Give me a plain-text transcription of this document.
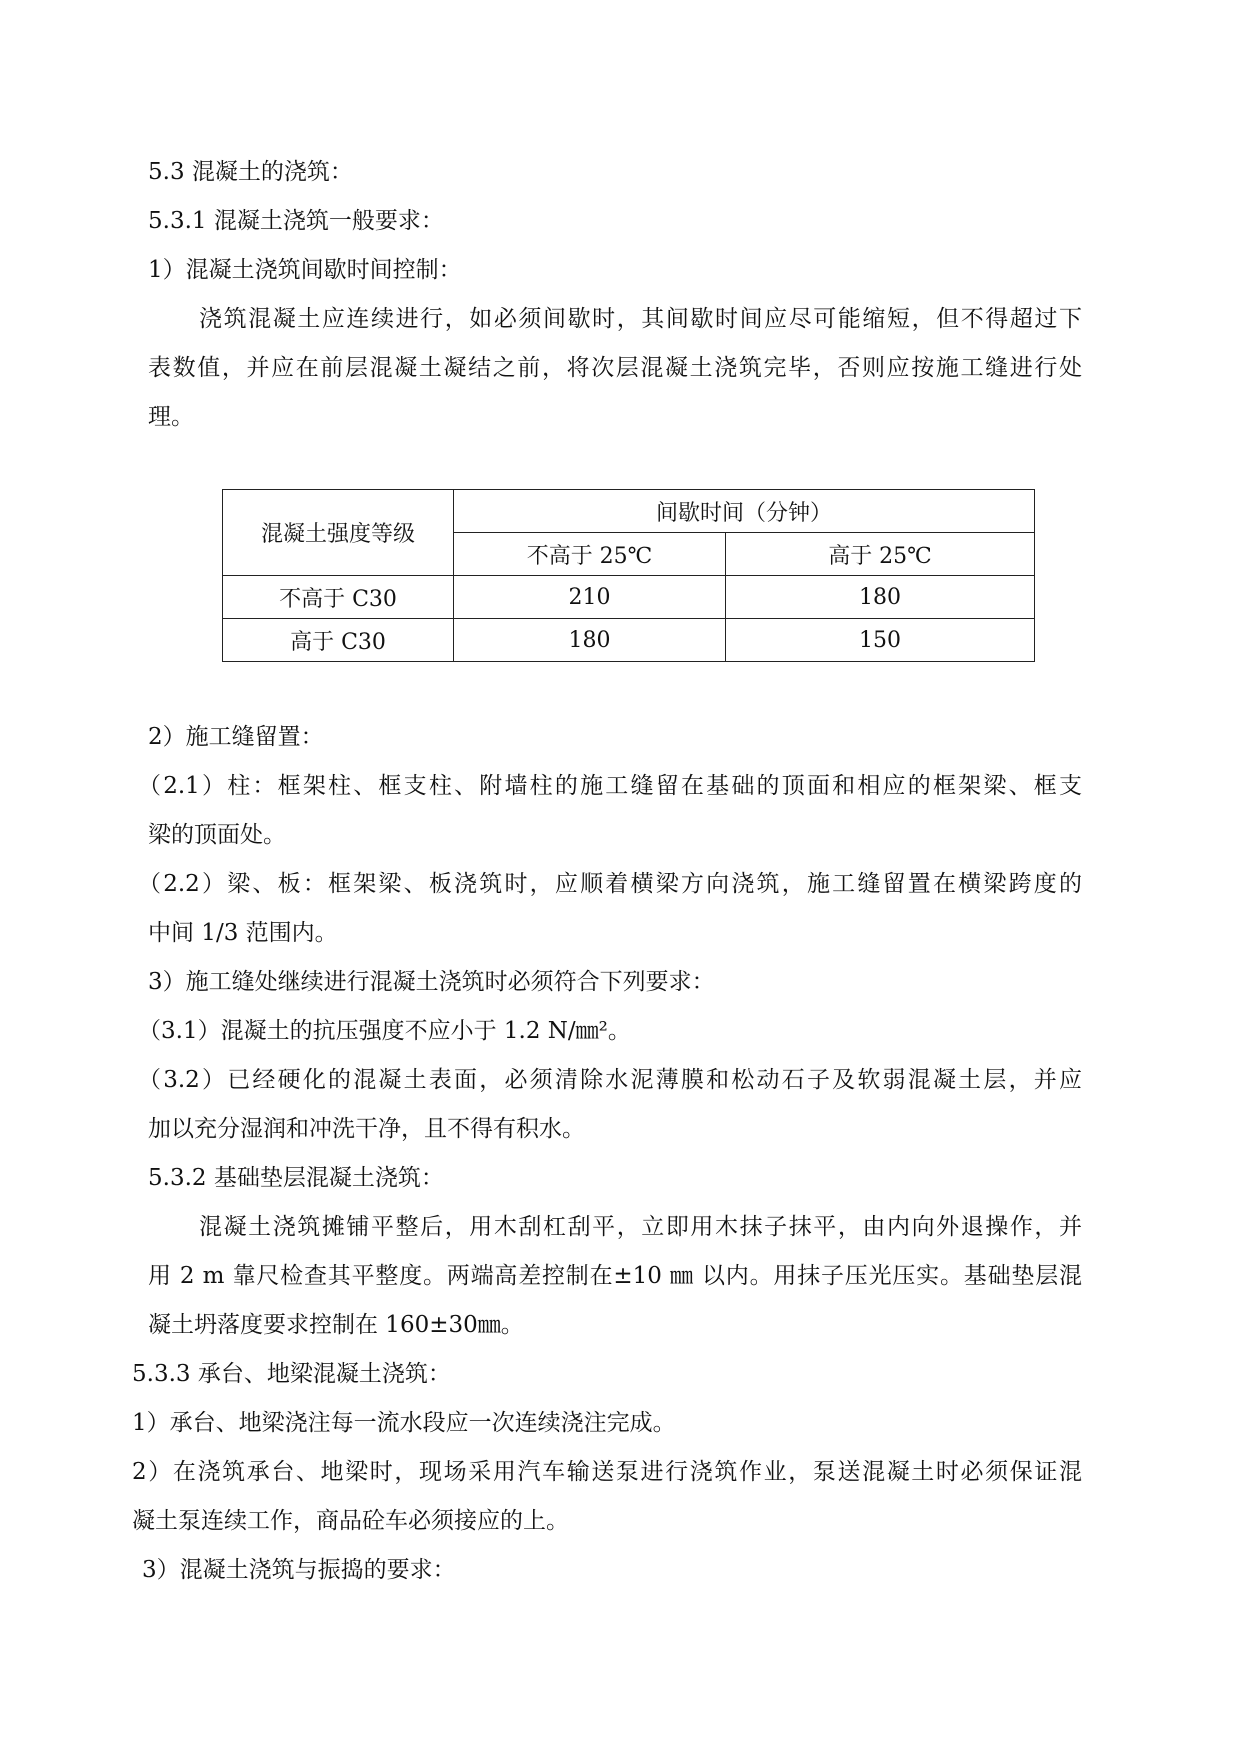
5.3 混凝土的浇筑：
5.3.1 混凝土浇筑一般要求：
1）混凝土浇筑间歇时间控制：
浇筑混凝土应连续进行，如必须间歇时，其间歇时间应尽可能缩短，但不得超过下
表数值，并应在前层混凝土凝结之前，将次层混凝土浇筑完毕，否则应按施工缝进行处
理。
混凝土强度等级	间歇时间（分钟）	
	不高于 25℃	高于 25℃
不高于 C30	210	180
高于 C30	180	150
2）施工缝留置：
（2.1）柱：框架柱、框支柱、附墙柱的施工缝留在基础的顶面和相应的框架梁、框支
梁的顶面处。
（2.2）梁、板：框架梁、板浇筑时，应顺着横梁方向浇筑，施工缝留置在横梁跨度的
中间 1/3 范围内。
3）施工缝处继续进行混凝土浇筑时必须符合下列要求：
（3.1）混凝土的抗压强度不应小于 1.2 N/㎜²。
（3.2）已经硬化的混凝土表面，必须清除水泥薄膜和松动石子及软弱混凝土层，并应
加以充分湿润和冲洗干净，且不得有积水。
5.3.2 基础垫层混凝土浇筑：
混凝土浇筑摊铺平整后，用木刮杠刮平，立即用木抹子抹平，由内向外退操作，并
用 2 m 靠尺检查其平整度。两端高差控制在±10 ㎜ 以内。用抹子压光压实。基础垫层混
凝土坍落度要求控制在 160±30㎜。
5.3.3 承台、地梁混凝土浇筑：
1）承台、地梁浇注每一流水段应一次连续浇注完成。
2）在浇筑承台、地梁时，现场采用汽车输送泵进行浇筑作业，泵送混凝土时必须保证混
凝土泵连续工作，商品砼车必须接应的上。
3）混凝土浇筑与振捣的要求：
